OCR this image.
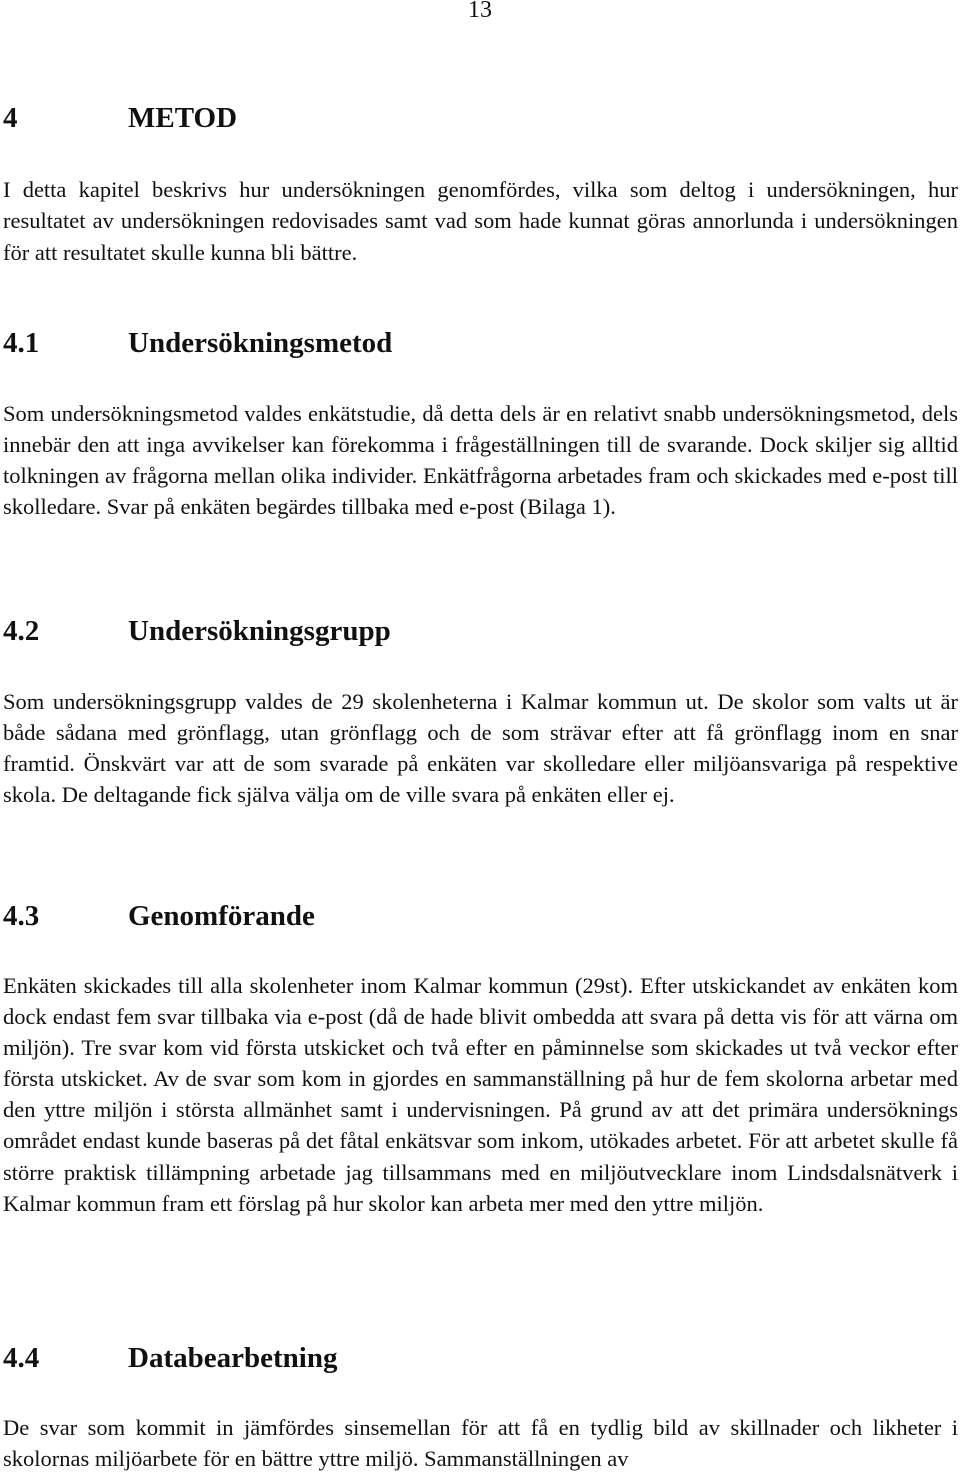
13
4	METOD

I detta kapitel beskrivs hur undersökningen genomfördes, vilka som deltog i undersökningen, hur resultatet av undersökningen redovisades samt vad som hade kunnat göras annorlunda i undersökningen för att resultatet skulle kunna bli bättre.

4.1	Undersökningsmetod

Som undersökningsmetod valdes enkätstudie, då detta dels är en relativt snabb undersökningsmetod, dels innebär den att inga avvikelser kan förekomma i frågeställningen till de svarande. Dock skiljer sig alltid tolkningen av frågorna mellan olika individer. Enkätfrågorna arbetades fram och skickades med e-post till skolledare. Svar på enkäten begärdes tillbaka med e-post (Bilaga 1).

4.2	Undersökningsgrupp

Som undersökningsgrupp valdes de 29 skolenheterna i Kalmar kommun ut. De skolor som valts ut är både sådana med grönflagg, utan grönflagg och de som strävar efter att få grönflagg inom en snar framtid. Önskvärt var att de som svarade på enkäten var skolledare eller miljöansvariga på respektive skola. De deltagande fick själva välja om de ville svara på enkäten eller ej.

4.3	Genomförande

Enkäten skickades till alla skolenheter inom Kalmar kommun (29st). Efter utskickandet av enkäten kom dock endast fem svar tillbaka via e-post (då de hade blivit ombedda att svara på detta vis för att värna om miljön). Tre svar kom vid första utskicket och två efter en påminnelse som skickades ut två veckor efter första utskicket. Av de svar som kom in gjordes en sammanställning på hur de fem skolorna arbetar med den yttre miljön i största allmänhet samt i undervisningen. På grund av att det primära undersöknings området endast kunde baseras på det fåtal enkätsvar som inkom, utökades arbetet. För att arbetet skulle få större praktisk tillämpning arbetade jag tillsammans med en miljöutvecklare inom Lindsdalsnätverk i Kalmar kommun fram ett förslag på hur skolor kan arbeta mer med den yttre miljön.

4.4	Databearbetning

De svar som kommit in jämfördes sinsemellan för att få en tydlig bild av skillnader och likheter i skolornas miljöarbete för en bättre yttre miljö. Sammanställningen av
